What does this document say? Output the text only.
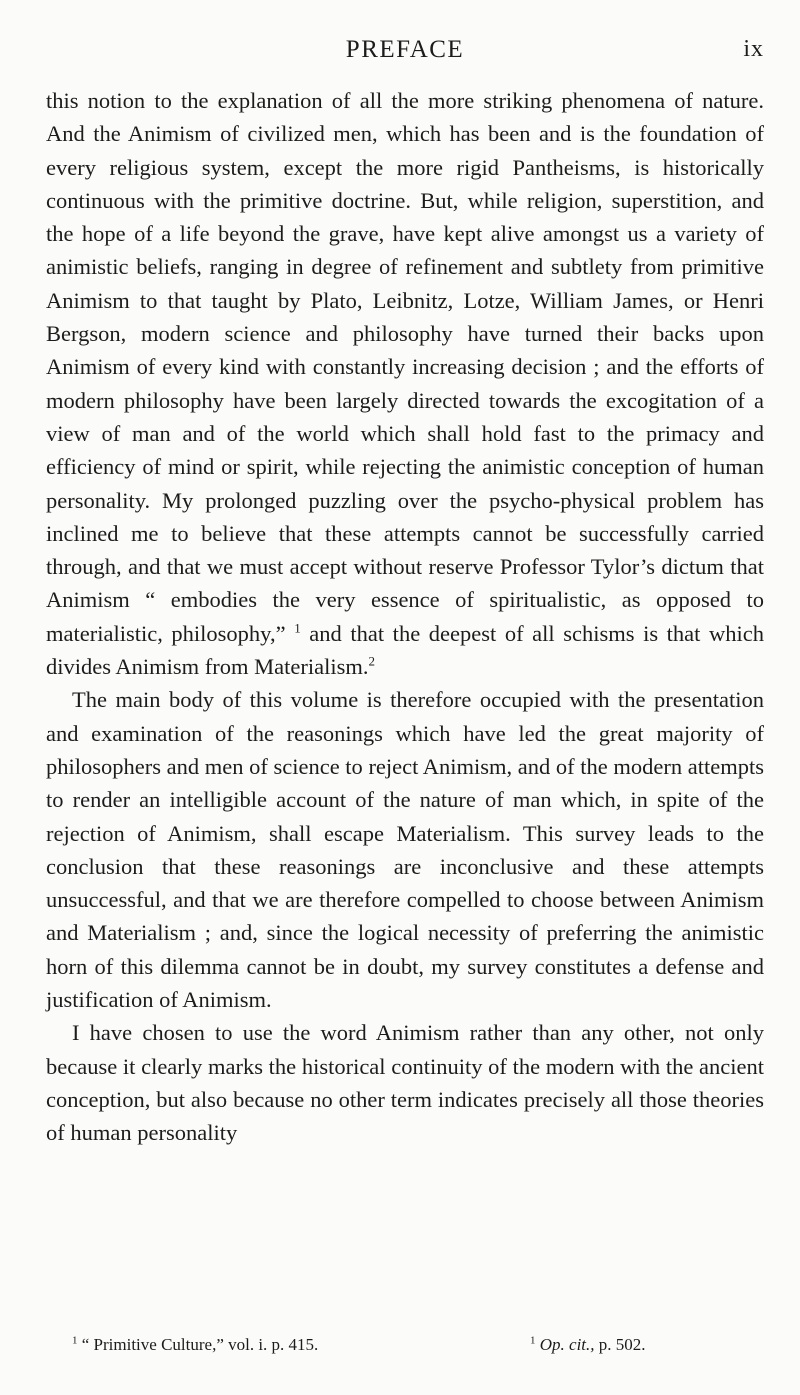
PREFACE	ix

this notion to the explanation of all the more striking phenomena of nature. And the Animism of civilized men, which has been and is the foundation of every religious system, except the more rigid Pantheisms, is historically continuous with the primitive doctrine. But, while religion, superstition, and the hope of a life beyond the grave, have kept alive amongst us a variety of animistic beliefs, ranging in degree of refinement and subtlety from primitive Animism to that taught by Plato, Leibnitz, Lotze, William James, or Henri Bergson, modern science and philosophy have turned their backs upon Animism of every kind with constantly increasing decision ; and the efforts of modern philosophy have been largely directed towards the excogitation of a view of man and of the world which shall hold fast to the primacy and efficiency of mind or spirit, while rejecting the animistic conception of human personality. My prolonged puzzling over the psycho-physical problem has inclined me to believe that these attempts cannot be successfully carried through, and that we must accept without reserve Professor Tylor’s dictum that Animism “ embodies the very essence of spiritualistic, as opposed to materialistic, philosophy,” $^1$ and that the deepest of all schisms is that which divides Animism from Materialism.$^2$

The main body of this volume is therefore occupied with the presentation and examination of the reasonings which have led the great majority of philosophers and men of science to reject Animism, and of the modern attempts to render an intelligible account of the nature of man which, in spite of the rejection of Animism, shall escape Materialism. This survey leads to the conclusion that these reasonings are inconclusive and these attempts unsuccessful, and that we are therefore compelled to choose between Animism and Materialism ; and, since the logical necessity of preferring the animistic horn of this dilemma cannot be in doubt, my survey constitutes a defense and justification of Animism.

I have chosen to use the word Animism rather than any other, not only because it clearly marks the historical continuity of the modern with the ancient conception, but also because no other term indicates precisely all those theories of human personality

$^1$ “ Primitive Culture,” vol. i. p. 415.	$^1$ Op. cit., p. 502.
